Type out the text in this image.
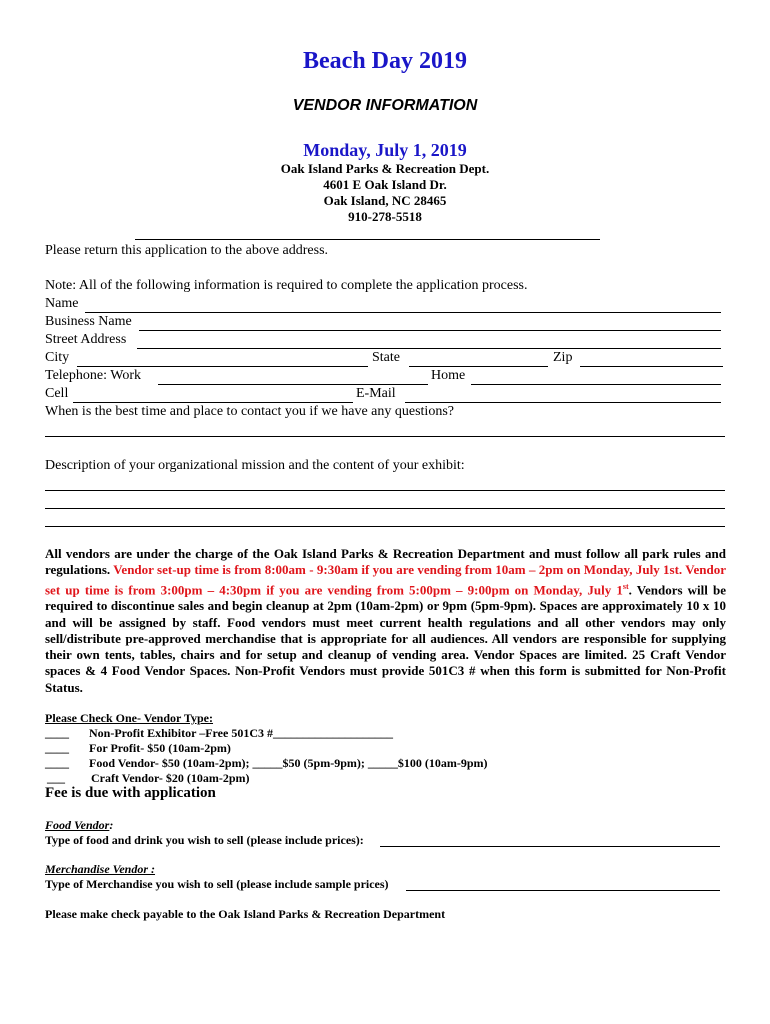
Beach Day 2019
VENDOR INFORMATION
Monday, July 1, 2019
Oak Island Parks & Recreation Dept.
4601 E Oak Island Dr.
Oak Island, NC 28465
910-278-5518
Please return this application to the above address.
Note: All of the following information is required to complete the application process.
Name
Business Name
Street Address
City	State	Zip
Telephone: Work	Home
Cell	E-Mail
When is the best time and place to contact you if we have any questions?
Description of your organizational mission and the content of your exhibit:
All vendors are under the charge of the Oak Island Parks & Recreation Department and must follow all park rules and regulations. Vendor set-up time is from 8:00am - 9:30am if you are vending from 10am – 2pm on Monday, July 1st. Vendor set up time is from 3:00pm – 4:30pm if you are vending from 5:00pm – 9:00pm on Monday, July 1st. Vendors will be required to discontinue sales and begin cleanup at 2pm (10am-2pm) or 9pm (5pm-9pm). Spaces are approximately 10 x 10 and will be assigned by staff. Food vendors must meet current health regulations and all other vendors may only sell/distribute pre-approved merchandise that is appropriate for all audiences. All vendors are responsible for supplying their own tents, tables, chairs and for setup and cleanup of vending area. Vendor Spaces are limited. 25 Craft Vendor spaces & 4 Food Vendor Spaces. Non-Profit Vendors must provide 501C3 # when this form is submitted for Non-Profit Status.
Please Check One- Vendor Type:
____ Non-Profit Exhibitor –Free 501C3 #____________________
____ For Profit- $50 (10am-2pm)
____ Food Vendor- $50 (10am-2pm); _____$50 (5pm-9pm); _____$100 (10am-9pm)
___ Craft Vendor- $20 (10am-2pm)
Fee is due with application
Food Vendor:
Type of food and drink you wish to sell (please include prices):
Merchandise Vendor :
Type of Merchandise you wish to sell (please include sample prices)
Please make check payable to the Oak Island Parks & Recreation Department
